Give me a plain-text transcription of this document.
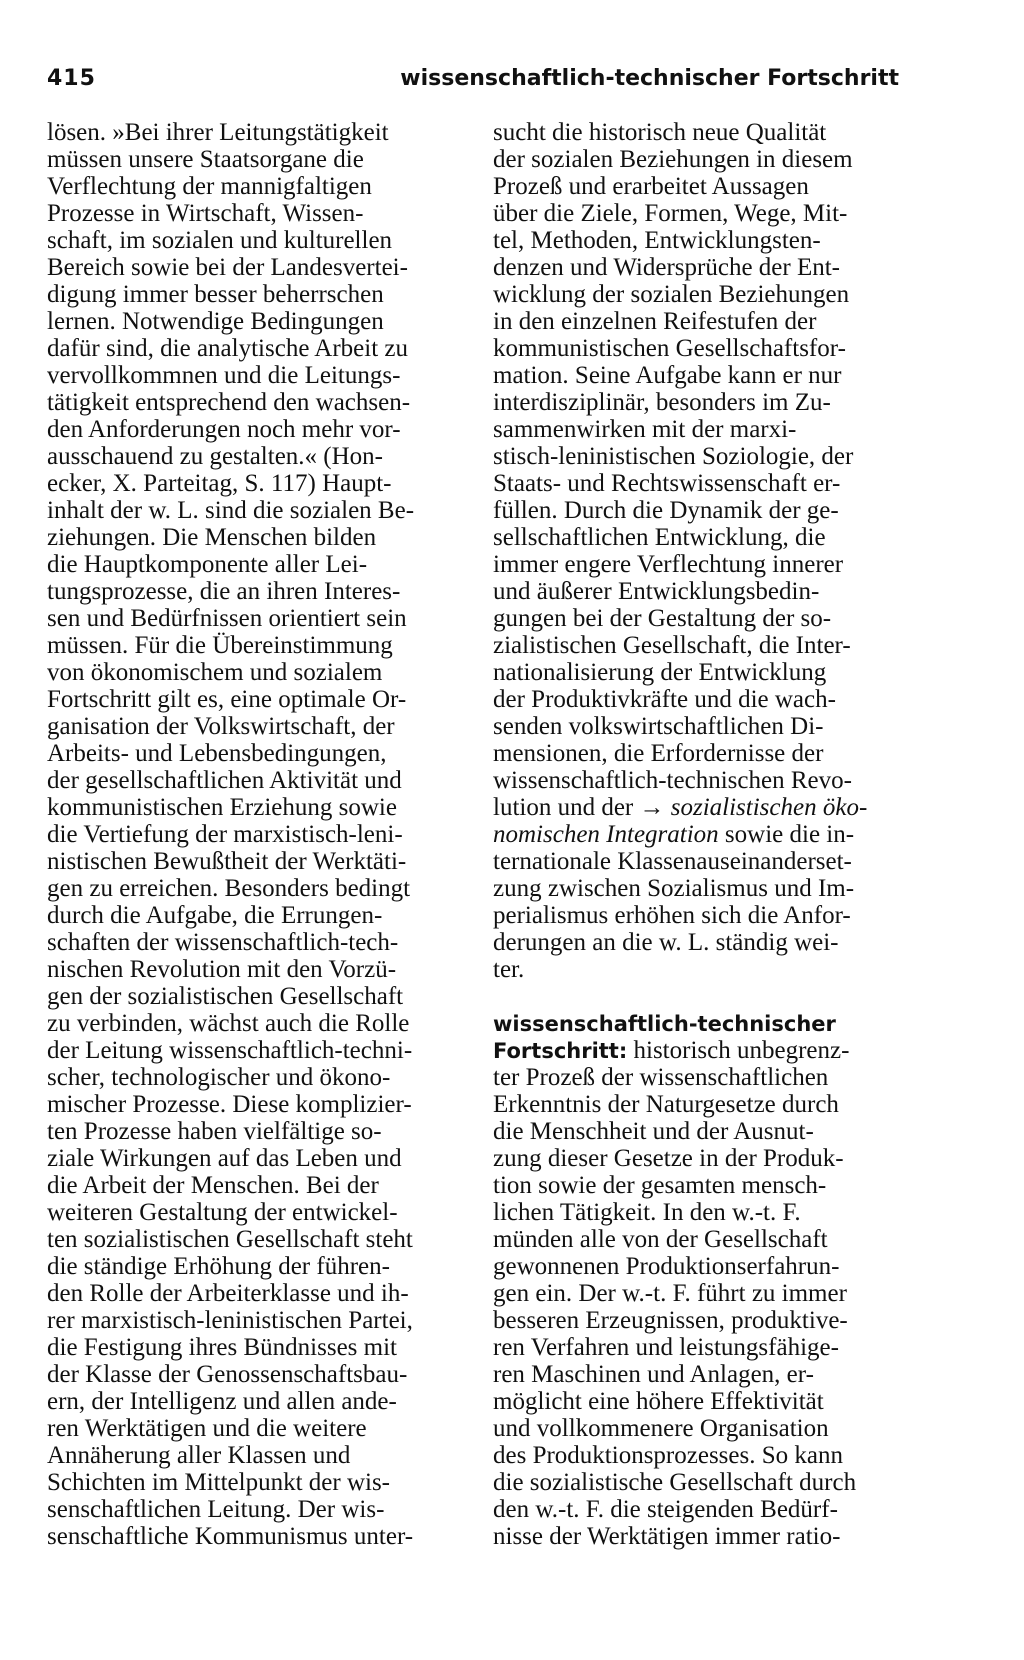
415	wissenschaftlich-technischer Fortschritt
lösen. »Bei ihrer Leitungstätigkeit
müssen unsere Staatsorgane die
Verflechtung der mannigfaltigen
Prozesse in Wirtschaft, Wissen-
schaft, im sozialen und kulturellen
Bereich sowie bei der Landesvertei-
digung immer besser beherrschen
lernen. Notwendige Bedingungen
dafür sind, die analytische Arbeit zu
vervollkommnen und die Leitungs-
tätigkeit entsprechend den wachsen-
den Anforderungen noch mehr vor-
ausschauend zu gestalten.« (Hon-
ecker, X. Parteitag, S. 117) Haupt-
inhalt der w. L. sind die sozialen Be-
ziehungen. Die Menschen bilden
die Hauptkomponente aller Lei-
tungsprozesse, die an ihren Interes-
sen und Bedürfnissen orientiert sein
müssen. Für die Übereinstimmung
von ökonomischem und sozialem
Fortschritt gilt es, eine optimale Or-
ganisation der Volkswirtschaft, der
Arbeits- und Lebensbedingungen,
der gesellschaftlichen Aktivität und
kommunistischen Erziehung sowie
die Vertiefung der marxistisch-leni-
nistischen Bewußtheit der Werktäti-
gen zu erreichen. Besonders bedingt
durch die Aufgabe, die Errungen-
schaften der wissenschaftlich-tech-
nischen Revolution mit den Vorzü-
gen der sozialistischen Gesellschaft
zu verbinden, wächst auch die Rolle
der Leitung wissenschaftlich-techni-
scher, technologischer und ökono-
mischer Prozesse. Diese komplizier-
ten Prozesse haben vielfältige so-
ziale Wirkungen auf das Leben und
die Arbeit der Menschen. Bei der
weiteren Gestaltung der entwickel-
ten sozialistischen Gesellschaft steht
die ständige Erhöhung der führen-
den Rolle der Arbeiterklasse und ih-
rer marxistisch-leninistischen Partei,
die Festigung ihres Bündnisses mit
der Klasse der Genossenschaftsbau-
ern, der Intelligenz und allen ande-
ren Werktätigen und die weitere
Annäherung aller Klassen und
Schichten im Mittelpunkt der wis-
senschaftlichen Leitung. Der wis-
senschaftliche Kommunismus unter-
sucht die historisch neue Qualität
der sozialen Beziehungen in diesem
Prozeß und erarbeitet Aussagen
über die Ziele, Formen, Wege, Mit-
tel, Methoden, Entwicklungsten-
denzen und Widersprüche der Ent-
wicklung der sozialen Beziehungen
in den einzelnen Reifestufen der
kommunistischen Gesellschaftsfor-
mation. Seine Aufgabe kann er nur
interdisziplinär, besonders im Zu-
sammenwirken mit der marxi-
stisch-leninistischen Soziologie, der
Staats- und Rechtswissenschaft er-
füllen. Durch die Dynamik der ge-
sellschaftlichen Entwicklung, die
immer engere Verflechtung innerer
und äußerer Entwicklungsbedin-
gungen bei der Gestaltung der so-
zialistischen Gesellschaft, die Inter-
nationalisierung der Entwicklung
der Produktivkräfte und die wach-
senden volkswirtschaftlichen Di-
mensionen, die Erfordernisse der
wissenschaftlich-technischen Revo-
lution und der → sozialistischen öko-
nomischen Integration sowie die in-
ternationale Klassenauseinanderset-
zung zwischen Sozialismus und Im-
perialismus erhöhen sich die Anfor-
derungen an die w. L. ständig wei-
ter.
wissenschaftlich-technischer
Fortschritt: historisch unbegrenz-
ter Prozeß der wissenschaftlichen
Erkenntnis der Naturgesetze durch
die Menschheit und der Ausnut-
zung dieser Gesetze in der Produk-
tion sowie der gesamten mensch-
lichen Tätigkeit. In den w.-t. F.
münden alle von der Gesellschaft
gewonnenen Produktionserfahrun-
gen ein. Der w.-t. F. führt zu immer
besseren Erzeugnissen, produktive-
ren Verfahren und leistungsfähige-
ren Maschinen und Anlagen, er-
möglicht eine höhere Effektivität
und vollkommenere Organisation
des Produktionsprozesses. So kann
die sozialistische Gesellschaft durch
den w.-t. F. die steigenden Bedürf-
nisse der Werktätigen immer ratio-
